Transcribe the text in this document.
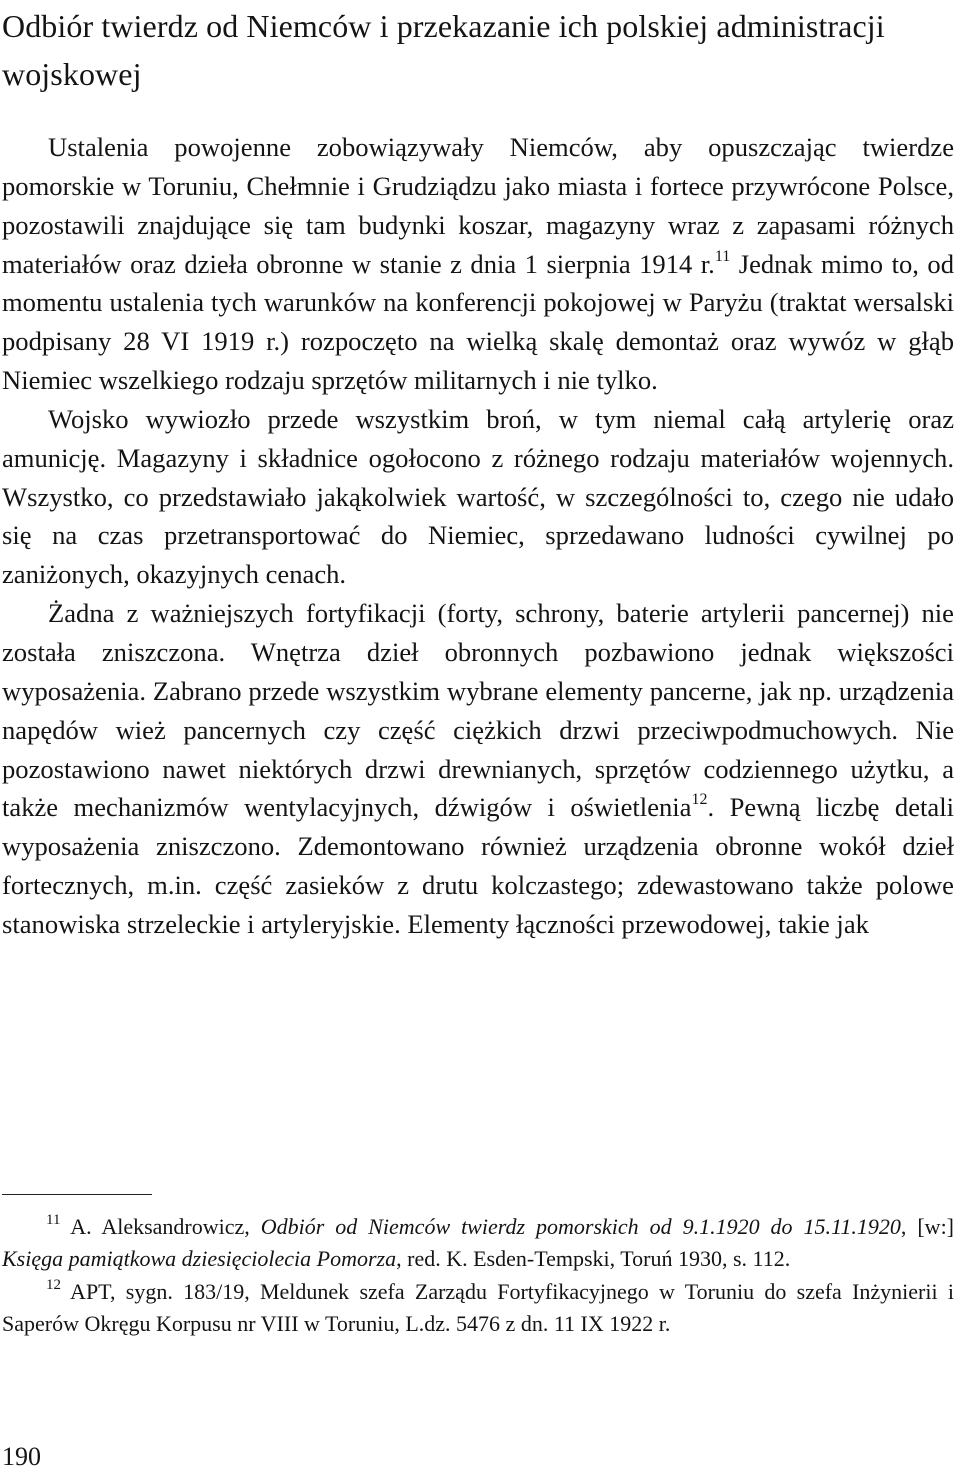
Odbiór twierdz od Niemców i przekazanie ich polskiej administracji wojskowej

Ustalenia powojenne zobowiązywały Niemców, aby opuszczając twierdze pomorskie w Toruniu, Chełmnie i Grudziądzu jako miasta i fortece przywrócone Polsce, pozostawili znajdujące się tam budynki koszar, magazyny wraz z zapasami różnych materiałów oraz dzieła obronne w stanie z dnia 1 sierpnia 1914 r.$^{11}$ Jednak mimo to, od momentu ustalenia tych warunków na konferencji pokojowej w Paryżu (traktat wersalski podpisany 28 VI 1919 r.) rozpoczęto na wielką skalę demontaż oraz wywóz w głąb Niemiec wszelkiego rodzaju sprzętów militarnych i nie tylko.

Wojsko wywiozło przede wszystkim broń, w tym niemal całą artylerię oraz amunicję. Magazyny i składnice ogołocono z różnego rodzaju materiałów wojennych. Wszystko, co przedstawiało jakąkolwiek wartość, w szczególności to, czego nie udało się na czas przetransportować do Niemiec, sprzedawano ludności cywilnej po zaniżonych, okazyjnych cenach.

Żadna z ważniejszych fortyfikacji (forty, schrony, baterie artylerii pancernej) nie została zniszczona. Wnętrza dzieł obronnych pozbawiono jednak większości wyposażenia. Zabrano przede wszystkim wybrane elementy pancerne, jak np. urządzenia napędów wież pancernych czy część ciężkich drzwi przeciwpodmuchowych. Nie pozostawiono nawet niektórych drzwi drewnianych, sprzętów codziennego użytku, a także mechanizmów wentylacyjnych, dźwigów i oświetlenia$^{12}$. Pewną liczbę detali wyposażenia zniszczono. Zdemontowano również urządzenia obronne wokół dzieł fortecznych, m.in. część zasieków z drutu kolczastego; zdewastowano także polowe stanowiska strzeleckie i artyleryjskie. Elementy łączności przewodowej, takie jak

$^{11}$ A. Aleksandrowicz, Odbiór od Niemców twierdz pomorskich od 9.1.1920 do 15.11.1920, [w:] Księga pamiątkowa dziesięciolecia Pomorza, red. K. Esden-Tempski, Toruń 1930, s. 112.

$^{12}$ APT, sygn. 183/19, Meldunek szefa Zarządu Fortyfikacyjnego w Toruniu do szefa Inżynierii i Saperów Okręgu Korpusu nr VIII w Toruniu, L.dz. 5476 z dn. 11 IX 1922 r.

190
